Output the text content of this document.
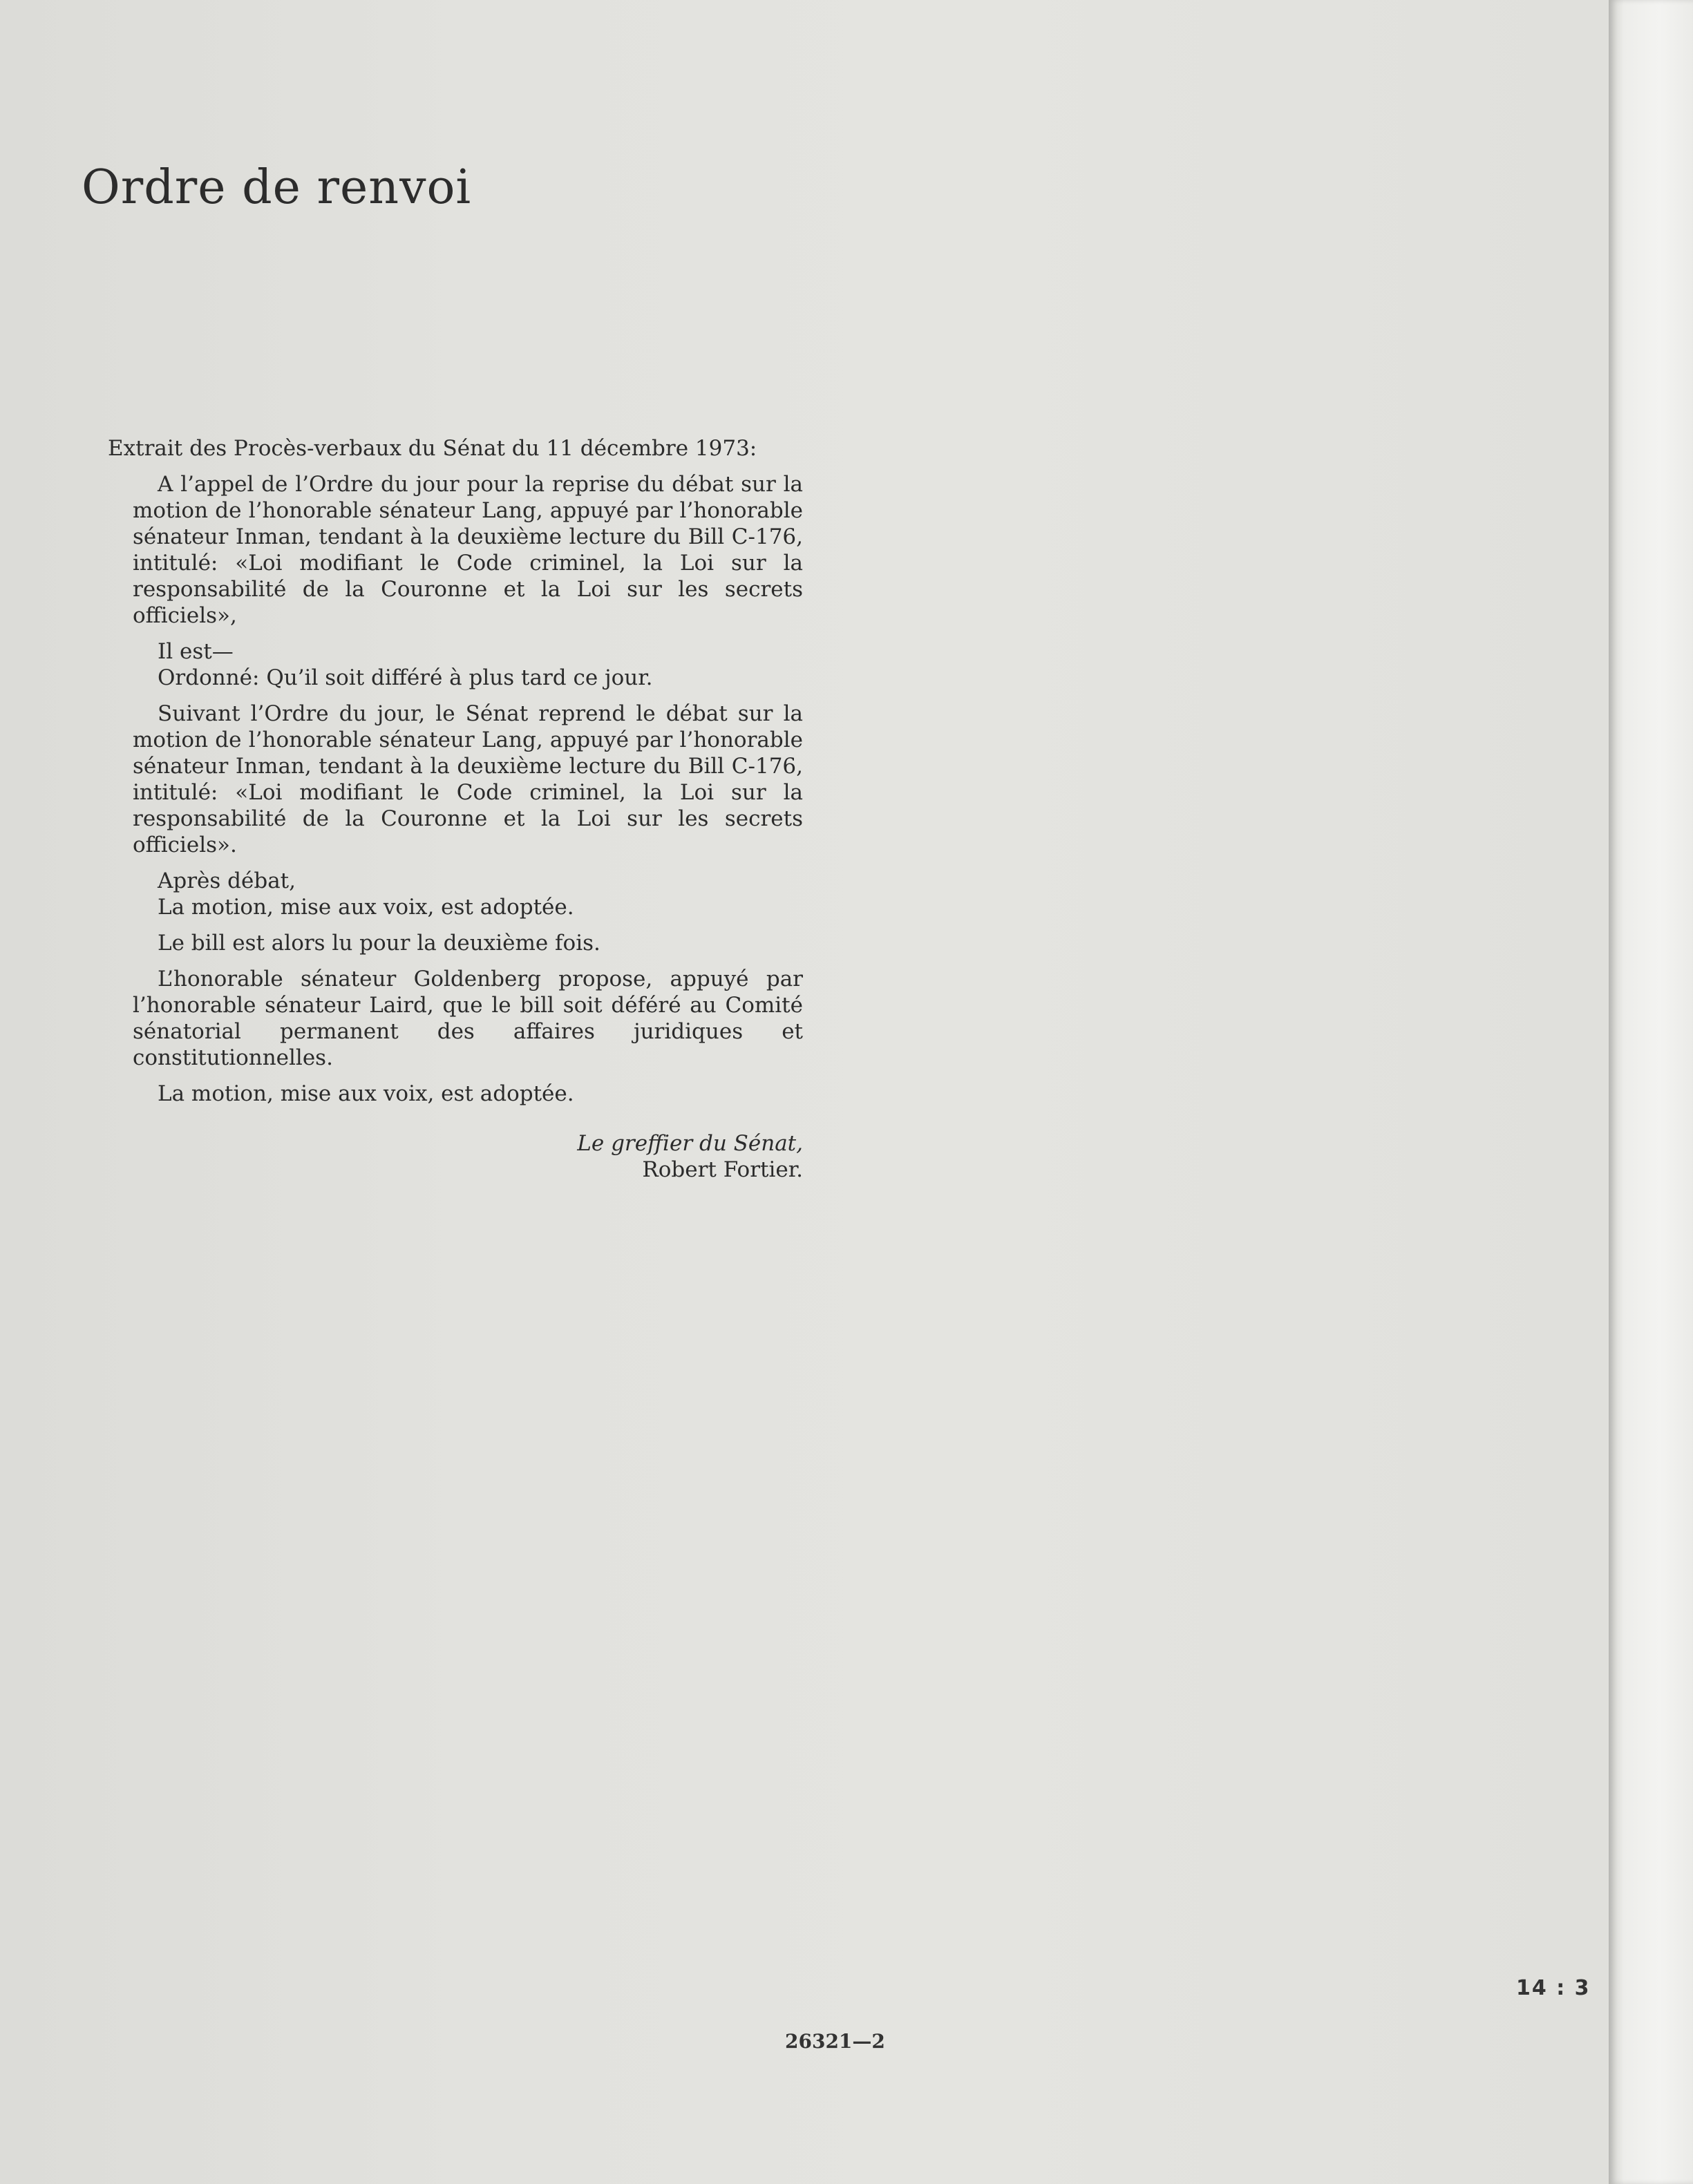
Ordre de renvoi

Extrait des Procès-verbaux du Sénat du 11 décembre 1973:

A l’appel de l’Ordre du jour pour la reprise du débat sur la motion de l’honorable sénateur Lang, appuyé par l’honorable sénateur Inman, tendant à la deuxième lecture du Bill C-176, intitulé: «Loi modifiant le Code criminel, la Loi sur la responsabilité de la Couronne et la Loi sur les secrets officiels»,

Il est—

Ordonné: Qu’il soit différé à plus tard ce jour.

Suivant l’Ordre du jour, le Sénat reprend le débat sur la motion de l’honorable sénateur Lang, appuyé par l’honorable sénateur Inman, tendant à la deuxième lecture du Bill C-176, intitulé: «Loi modifiant le Code criminel, la Loi sur la responsabilité de la Couronne et la Loi sur les secrets officiels».

Après débat,

La motion, mise aux voix, est adoptée.

Le bill est alors lu pour la deuxième fois.

L’honorable sénateur Goldenberg propose, appuyé par l’honorable sénateur Laird, que le bill soit déféré au Comité sénatorial permanent des affaires juridiques et constitutionnelles.

La motion, mise aux voix, est adoptée.

Le greffier du Sénat,
Robert Fortier.

14 : 3
26321—2
